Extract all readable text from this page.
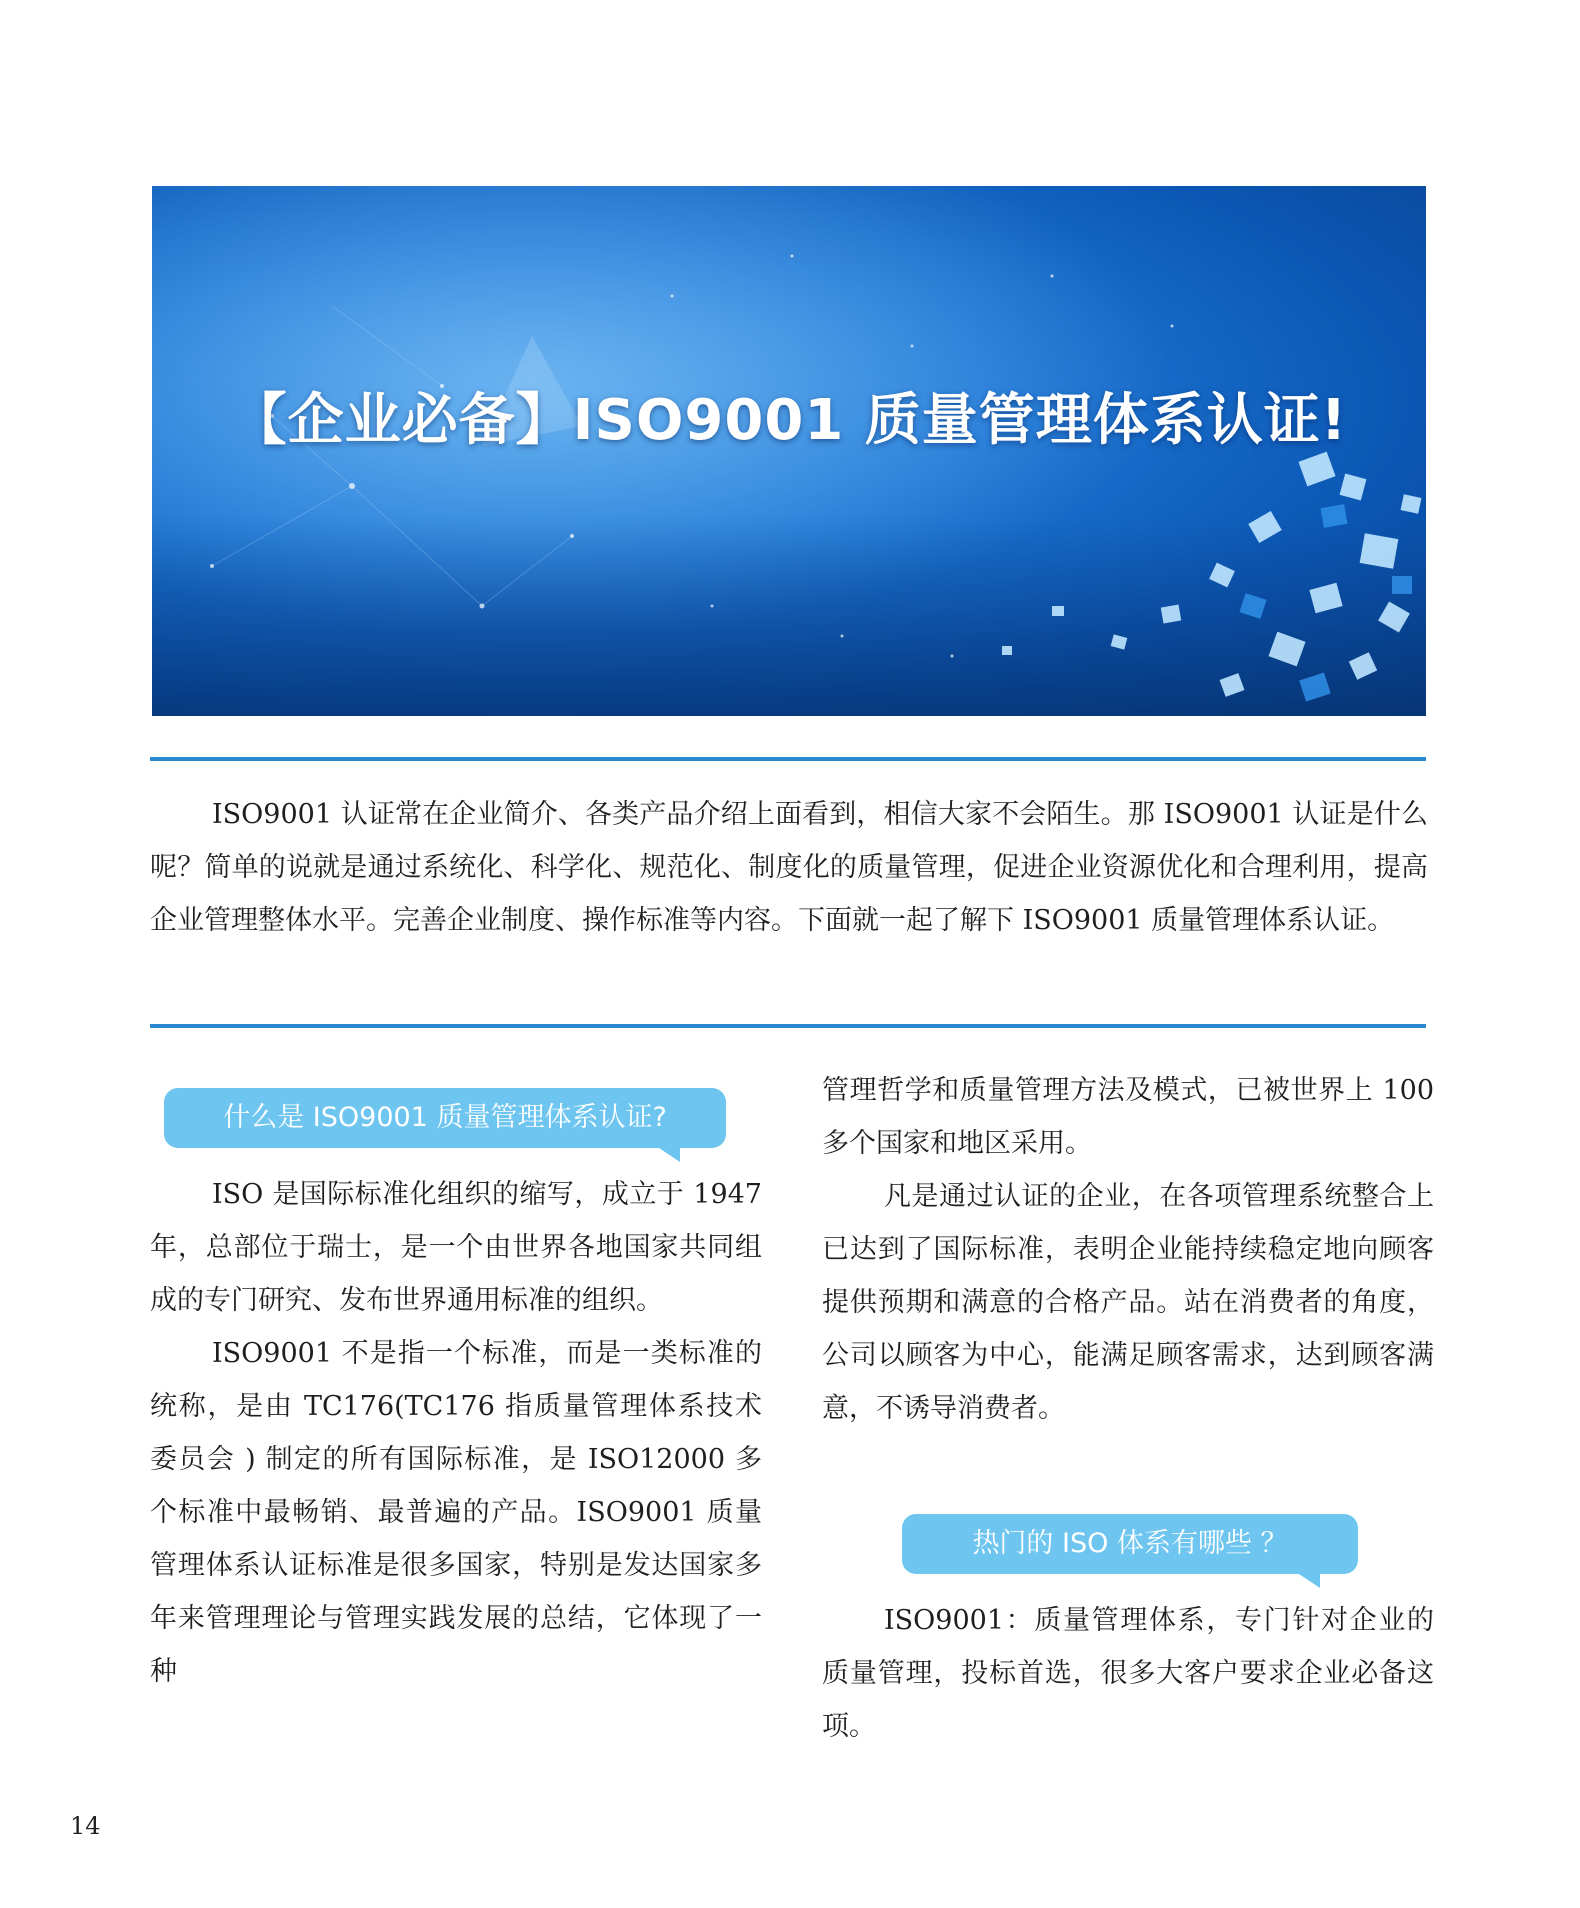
【企业必备】ISO9001 质量管理体系认证!

ISO9001 认证常在企业简介、各类产品介绍上面看到，相信大家不会陌生。那 ISO9001 认证是什么呢？简单的说就是通过系统化、科学化、规范化、制度化的质量管理，促进企业资源优化和合理利用，提高企业管理整体水平。完善企业制度、操作标准等内容。下面就一起了解下 ISO9001 质量管理体系认证。

什么是 ISO9001 质量管理体系认证?

ISO 是国际标准化组织的缩写，成立于 1947 年，总部位于瑞士，是一个由世界各地国家共同组成的专门研究、发布世界通用标准的组织。

ISO9001 不是指一个标准，而是一类标准的统称，是由 TC176(TC176 指质量管理体系技术委员会 ) 制定的所有国际标准，是 ISO12000 多个标准中最畅销、最普遍的产品。ISO9001 质量管理体系认证标准是很多国家，特别是发达国家多年来管理理论与管理实践发展的总结，它体现了一种

管理哲学和质量管理方法及模式，已被世界上 100 多个国家和地区采用。

凡是通过认证的企业，在各项管理系统整合上已达到了国际标准，表明企业能持续稳定地向顾客提供预期和满意的合格产品。站在消费者的角度，公司以顾客为中心，能满足顾客需求，达到顾客满意，不诱导消费者。

热门的 ISO 体系有哪些 ？

ISO9001：质量管理体系，专门针对企业的质量管理，投标首选，很多大客户要求企业必备这项。

14
